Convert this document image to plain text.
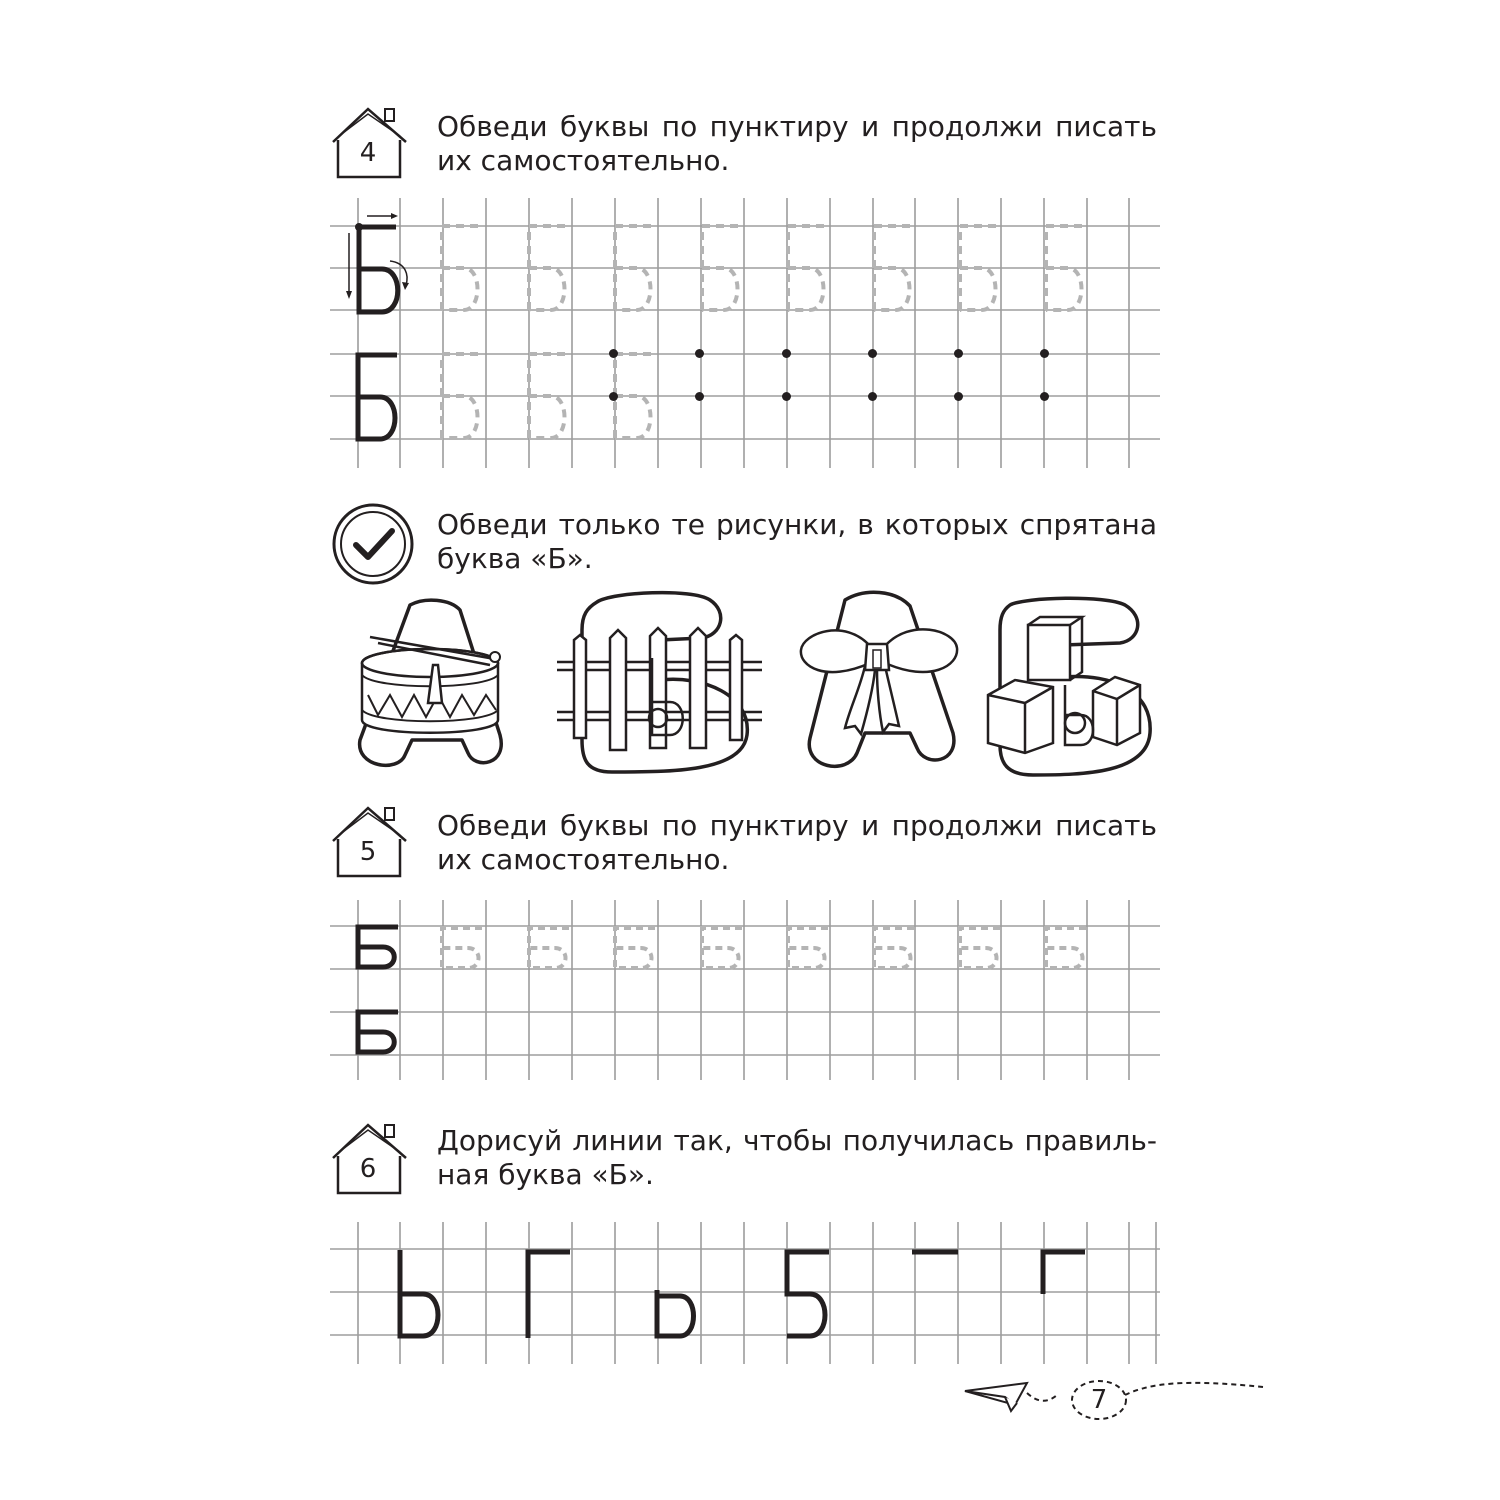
4
Обведи буквы по пунктиру и продолжи писать
их самостоятельно.
Обведи только те рисунки, в которых спрятана
буква «Б».
5
Обведи буквы по пунктиру и продолжи писать
их самостоятельно.
6
Дорисуй линии так, чтобы получилась правиль-
ная буква «Б».
7
